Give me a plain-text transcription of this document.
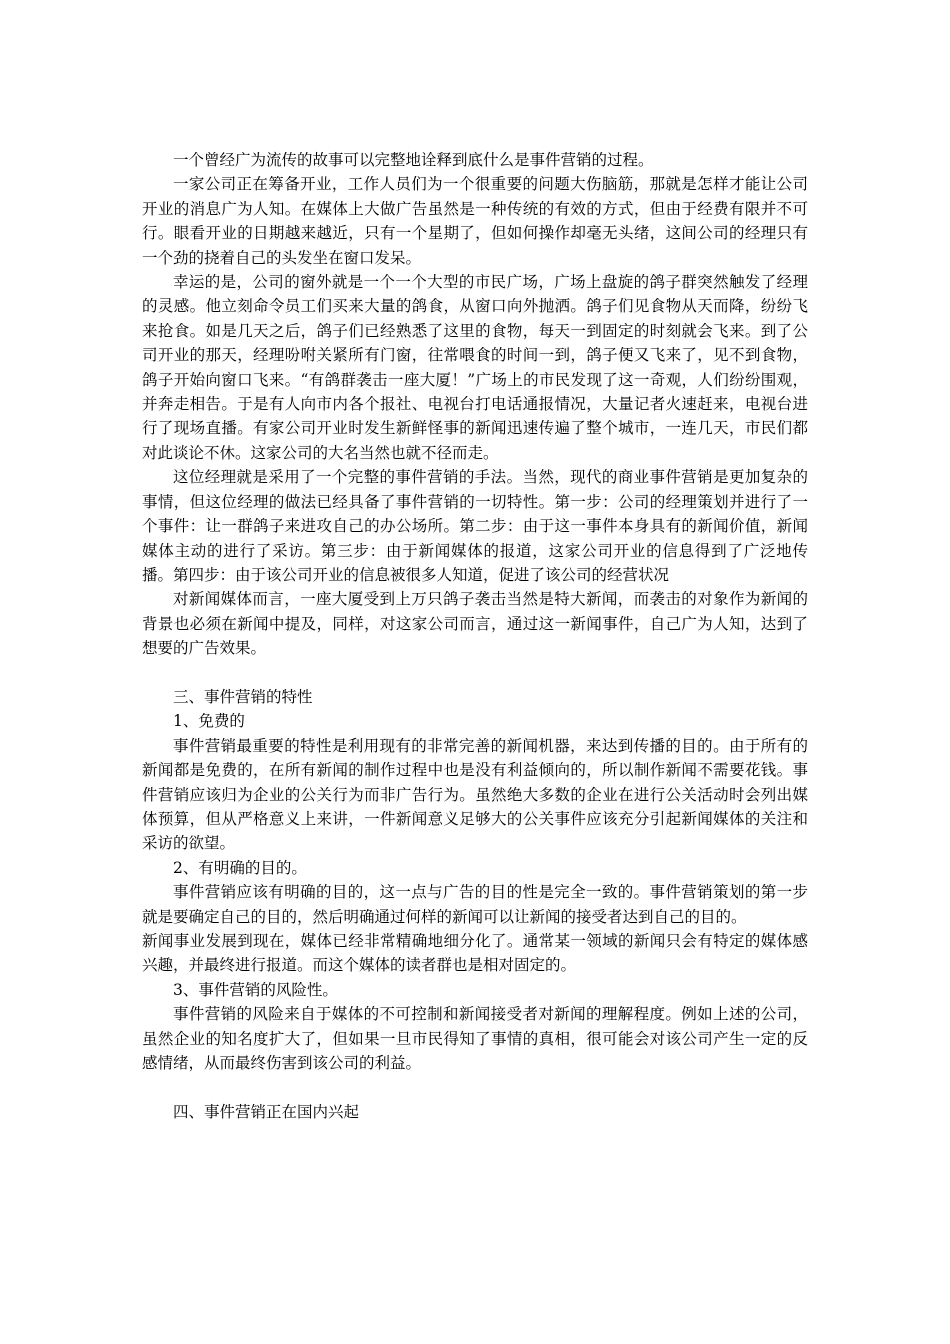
一个曾经广为流传的故事可以完整地诠释到底什么是事件营销的过程。

一家公司正在筹备开业，工作人员们为一个很重要的问题大伤脑筋，那就是怎样才能让公司开业的消息广为人知。在媒体上大做广告虽然是一种传统的有效的方式，但由于经费有限并不可行。眼看开业的日期越来越近，只有一个星期了，但如何操作却毫无头绪，这间公司的经理只有一个劲的挠着自己的头发坐在窗口发呆。

幸运的是，公司的窗外就是一个一个大型的市民广场，广场上盘旋的鸽子群突然触发了经理的灵感。他立刻命令员工们买来大量的鸽食，从窗口向外抛洒。鸽子们见食物从天而降，纷纷飞来抢食。如是几天之后，鸽子们已经熟悉了这里的食物，每天一到固定的时刻就会飞来。到了公司开业的那天，经理吩咐关紧所有门窗，往常喂食的时间一到，鸽子便又飞来了，见不到食物，鸽子开始向窗口飞来。“有鸽群袭击一座大厦！”广场上的市民发现了这一奇观，人们纷纷围观，并奔走相告。于是有人向市内各个报社、电视台打电话通报情况，大量记者火速赶来，电视台进行了现场直播。有家公司开业时发生新鲜怪事的新闻迅速传遍了整个城市，一连几天，市民们都对此谈论不休。这家公司的大名当然也就不径而走。

这位经理就是采用了一个完整的事件营销的手法。当然，现代的商业事件营销是更加复杂的事情，但这位经理的做法已经具备了事件营销的一切特性。第一步：公司的经理策划并进行了一个事件：让一群鸽子来进攻自己的办公场所。第二步：由于这一事件本身具有的新闻价值，新闻媒体主动的进行了采访。第三步：由于新闻媒体的报道，这家公司开业的信息得到了广泛地传播。第四步：由于该公司开业的信息被很多人知道，促进了该公司的经营状况

对新闻媒体而言，一座大厦受到上万只鸽子袭击当然是特大新闻，而袭击的对象作为新闻的背景也必须在新闻中提及，同样，对这家公司而言，通过这一新闻事件，自己广为人知，达到了想要的广告效果。

三、事件营销的特性

1、免费的

事件营销最重要的特性是利用现有的非常完善的新闻机器，来达到传播的目的。由于所有的新闻都是免费的，在所有新闻的制作过程中也是没有利益倾向的，所以制作新闻不需要花钱。事件营销应该归为企业的公关行为而非广告行为。虽然绝大多数的企业在进行公关活动时会列出媒体预算，但从严格意义上来讲，一件新闻意义足够大的公关事件应该充分引起新闻媒体的关注和采访的欲望。

2、有明确的目的。

事件营销应该有明确的目的，这一点与广告的目的性是完全一致的。事件营销策划的第一步就是要确定自己的目的，然后明确通过何样的新闻可以让新闻的接受者达到自己的目的。

新闻事业发展到现在，媒体已经非常精确地细分化了。通常某一领域的新闻只会有特定的媒体感兴趣，并最终进行报道。而这个媒体的读者群也是相对固定的。

3、事件营销的风险性。

事件营销的风险来自于媒体的不可控制和新闻接受者对新闻的理解程度。例如上述的公司，虽然企业的知名度扩大了，但如果一旦市民得知了事情的真相，很可能会对该公司产生一定的反感情绪，从而最终伤害到该公司的利益。

四、事件营销正在国内兴起
